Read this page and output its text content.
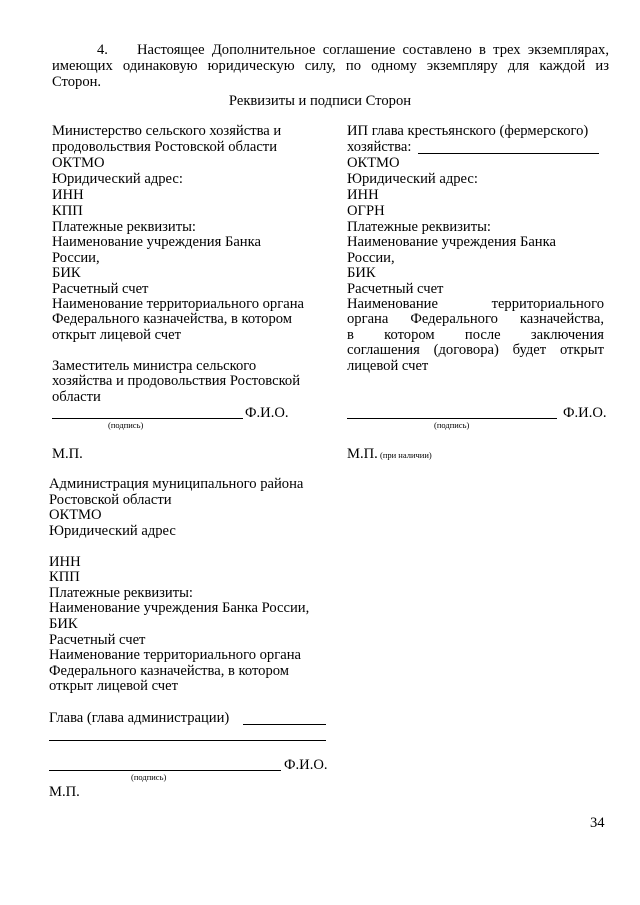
4. Настоящее Дополнительное соглашение составлено в трех экземплярах,
имеющих одинаковую юридическую силу, по одному экземпляру для каждой из
Сторон.
Реквизиты и подписи Сторон
Министерство сельского хозяйства и
продовольствия Ростовской области
ОКТМО
Юридический адрес:
ИНН
КПП
Платежные реквизиты:
Наименование учреждения Банка
России,
БИК
Расчетный счет
Наименование территориального органа
Федерального казначейства, в котором
открыт лицевой счет
Заместитель министра сельского
хозяйства и продовольствия Ростовской
области
Ф.И.О.
(подпись)
М.П.
ИП глава крестьянского (фермерского)
хозяйства:
ОКТМО
Юридический адрес:
ИНН
ОГРН
Платежные реквизиты:
Наименование учреждения Банка
России,
БИК
Расчетный счет
Наименование территориального
органа Федерального казначейства,
в котором после заключения
соглашения (договора) будет открыт
лицевой счет
Ф.И.О.
(подпись)
М.П. (при наличии)
Администрация муниципального района
Ростовской области
ОКТМО
Юридический адрес
ИНН
КПП
Платежные реквизиты:
Наименование учреждения Банка России,
БИК
Расчетный счет
Наименование территориального органа
Федерального казначейства, в котором
открыт лицевой счет
Глава (глава администрации)
Ф.И.О.
(подпись)
М.П.
34
